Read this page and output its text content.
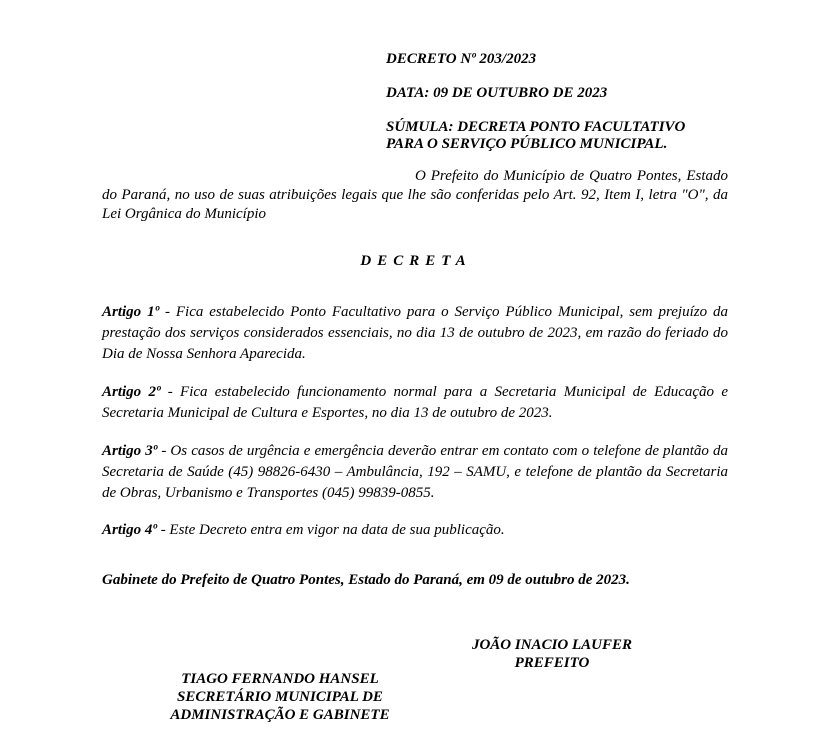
DECRETO Nº 203/2023
DATA: 09 DE OUTUBRO DE 2023
SÚMULA: DECRETA PONTO FACULTATIVO
PARA O SERVIÇO PÚBLICO MUNICIPAL.
O Prefeito do Município de Quatro Pontes, Estado do Paraná, no uso de suas atribuições legais que lhe são conferidas pelo Art. 92, Item I, letra "O", da Lei Orgânica do Município
DECRETA
Artigo 1º - Fica estabelecido Ponto Facultativo para o Serviço Público Municipal, sem prejuízo da prestação dos serviços considerados essenciais, no dia 13 de outubro de 2023, em razão do feriado do Dia de Nossa Senhora Aparecida.
Artigo 2º - Fica estabelecido funcionamento normal para a Secretaria Municipal de Educação e Secretaria Municipal de Cultura e Esportes, no dia 13 de outubro de 2023.
Artigo 3º - Os casos de urgência e emergência deverão entrar em contato com o telefone de plantão da Secretaria de Saúde (45) 98826-6430 – Ambulância, 192 – SAMU, e telefone de plantão da Secretaria de Obras, Urbanismo e Transportes (045) 99839-0855.
Artigo 4º - Este Decreto entra em vigor na data de sua publicação.
Gabinete do Prefeito de Quatro Pontes, Estado do Paraná, em 09 de outubro de 2023.
JOÃO INACIO LAUFER
PREFEITO
TIAGO FERNANDO HANSEL
SECRETÁRIO MUNICIPAL DE
ADMINISTRAÇÃO E GABINETE
